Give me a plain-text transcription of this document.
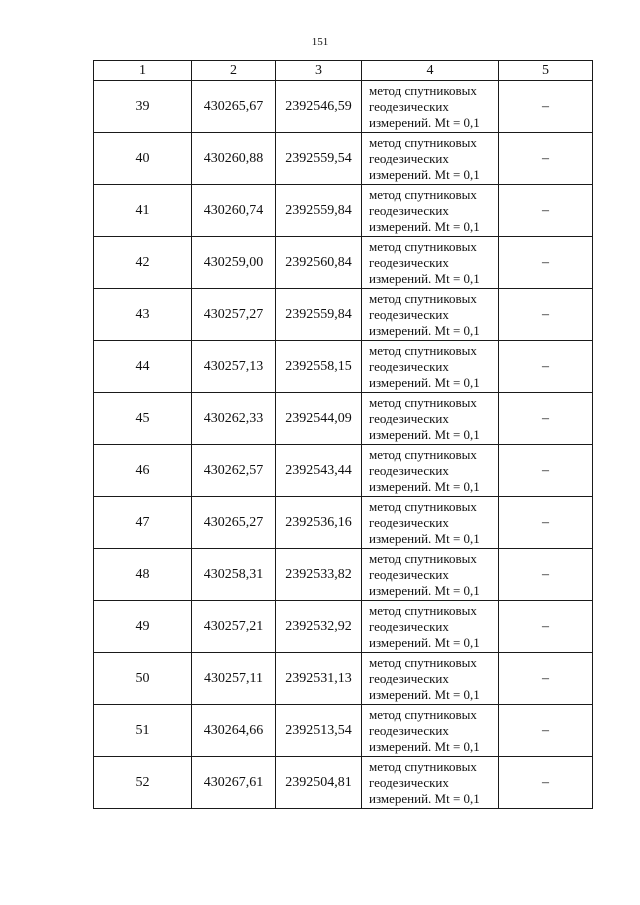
151
1	2	3	4	5
39	430265,67	2392546,59	метод спутниковых
геодезических
измерений. Mt = 0,1	–
40	430260,88	2392559,54	метод спутниковых
геодезических
измерений. Mt = 0,1	–
41	430260,74	2392559,84	метод спутниковых
геодезических
измерений. Mt = 0,1	–
42	430259,00	2392560,84	метод спутниковых
геодезических
измерений. Mt = 0,1	–
43	430257,27	2392559,84	метод спутниковых
геодезических
измерений. Mt = 0,1	–
44	430257,13	2392558,15	метод спутниковых
геодезических
измерений. Mt = 0,1	–
45	430262,33	2392544,09	метод спутниковых
геодезических
измерений. Mt = 0,1	–
46	430262,57	2392543,44	метод спутниковых
геодезических
измерений. Mt = 0,1	–
47	430265,27	2392536,16	метод спутниковых
геодезических
измерений. Mt = 0,1	–
48	430258,31	2392533,82	метод спутниковых
геодезических
измерений. Mt = 0,1	–
49	430257,21	2392532,92	метод спутниковых
геодезических
измерений. Mt = 0,1	–
50	430257,11	2392531,13	метод спутниковых
геодезических
измерений. Mt = 0,1	–
51	430264,66	2392513,54	метод спутниковых
геодезических
измерений. Mt = 0,1	–
52	430267,61	2392504,81	метод спутниковых
геодезических
измерений. Mt = 0,1	–
